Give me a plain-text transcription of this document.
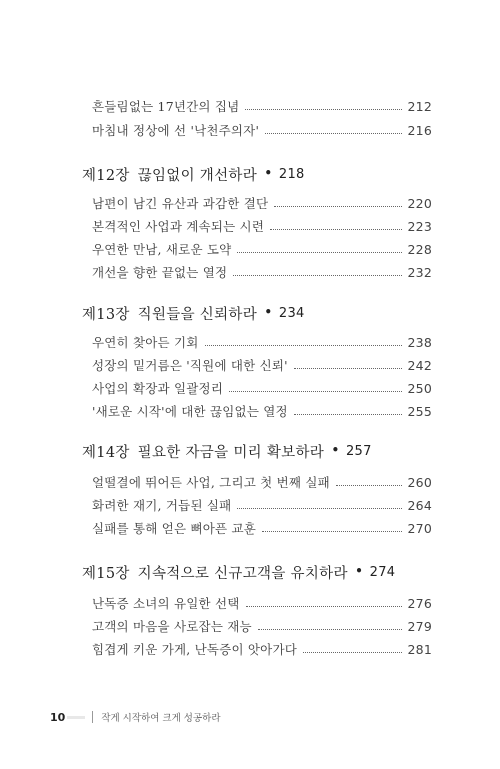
흔들림없는 17년간의 집념	212
마침내 정상에 선 '낙천주의자'	216
제12장 끊임없이 개선하라 • 218
남편이 남긴 유산과 과감한 결단	220
본격적인 사업과 계속되는 시련	223
우연한 만남, 새로운 도약	228
개선을 향한 끝없는 열정	232
제13장 직원들을 신뢰하라 • 234
우연히 찾아든 기회	238
성장의 밑거름은 '직원에 대한 신뢰'	242
사업의 확장과 일괄정리	250
'새로운 시작'에 대한 끊임없는 열정	255
제14장 필요한 자금을 미리 확보하라 • 257
얼떨결에 뛰어든 사업, 그리고 첫 번째 실패	260
화려한 재기, 거듭된 실패	264
실패를 통해 얻은 뼈아픈 교훈	270
제15장 지속적으로 신규고객을 유치하라 • 274
난독증 소녀의 유일한 선택	276
고객의 마음을 사로잡는 재능	279
힘겹게 키운 가게, 난독증이 앗아가다	281
10	작게 시작하여 크게 성공하라
